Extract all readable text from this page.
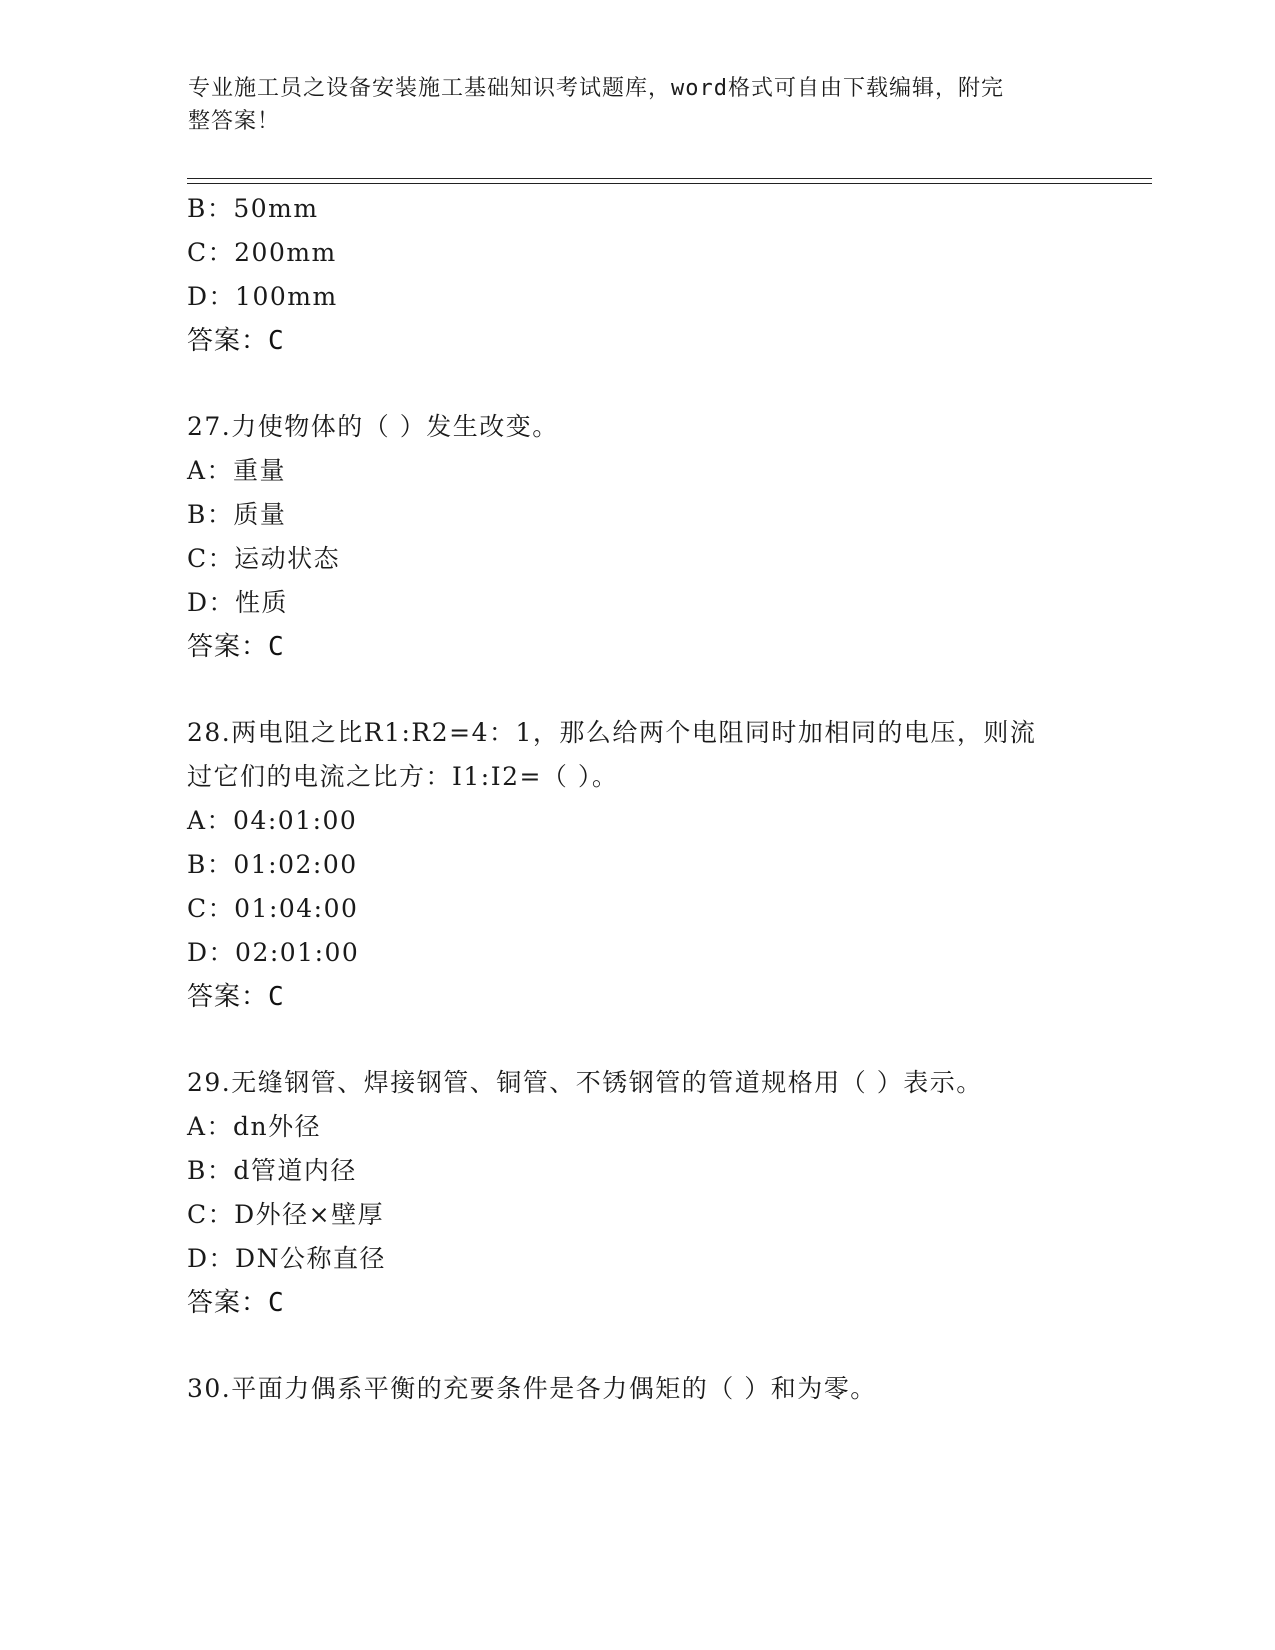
专业施工员之设备安装施工基础知识考试题库，word格式可自由下载编辑，附完
整答案！
B：50mm
C：200mm
D：100mm
答案：C
27.力使物体的（ ）发生改变。
A：重量
B：质量
C：运动状态
D：性质
答案：C
28.两电阻之比R1:R2=4：1，那么给两个电阻同时加相同的电压，则流
过它们的电流之比方：I1:I2=（ ）。
A：04:01:00
B：01:02:00
C：01:04:00
D：02:01:00
答案：C
29.无缝钢管、焊接钢管、铜管、不锈钢管的管道规格用（ ）表示。
A：dn外径
B：d管道内径
C：D外径×壁厚
D：DN公称直径
答案：C
30.平面力偶系平衡的充要条件是各力偶矩的（ ）和为零。
